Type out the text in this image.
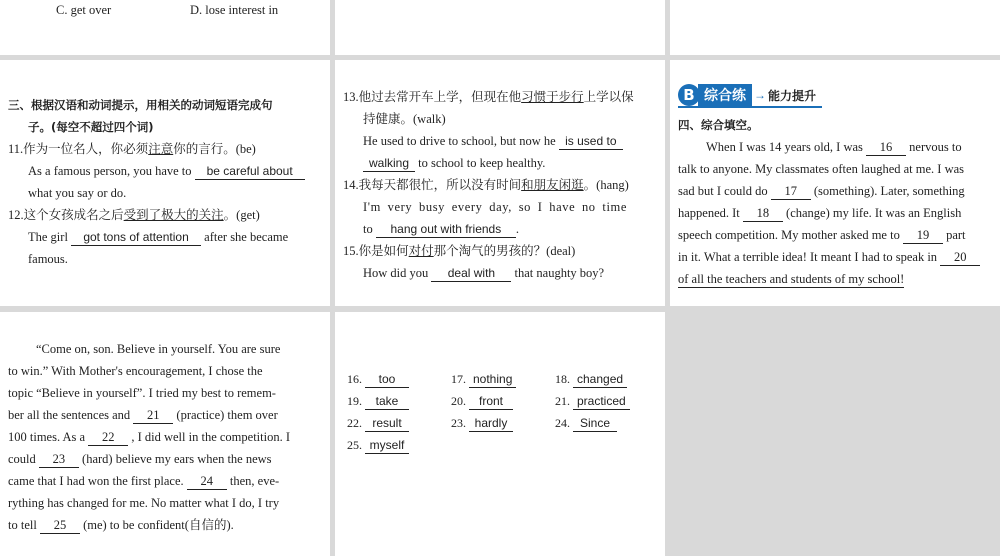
C. get over	D. lose interest in
三、根据汉语和动词提示，用相关的动词短语完成句
子。(每空不超过四个词)
11.作为一位名人，你必须注意你的言行。(be)
As a famous person, you have to be careful about
what you say or do.
12.这个女孩成名之后受到了极大的关注。(get)
The girl got tons of attention after she became
famous.
13.他过去常开车上学，但现在他习惯于步行上学以保
持健康。(walk)
He used to drive to school, but now he is used to
walking to school to keep healthy.
14.我每天都很忙，所以没有时间和朋友闲逛。(hang)
I'm very busy every day, so I have no time
to hang out with friends .
15.你是如何对付那个淘气的男孩的？(deal)
How did you deal with that naughty boy?
B 综合练 → 能力提升
四、综合填空。
When I was 14 years old, I was 16 nervous to
talk to anyone. My classmates often laughed at me. I was
sad but I could do 17 (something). Later, something
happened. It 18 (change) my life. It was an English
speech competition. My mother asked me to 19 part
in it. What a terrible idea! It meant I had to speak in 20
of all the teachers and students of my school!
“Come on, son. Believe in yourself. You are sure
to win.” With Mother's encouragement, I chose the
topic “Believe in yourself”. I tried my best to remem-
ber all the sentences and 21 (practice) them over
100 times. As a 22 , I did well in the competition. I
could 23 (hard) believe my ears when the news
came that I had won the first place. 24 then, eve-
rything has changed for me. No matter what I do, I try
to tell 25 (me) to be confident(自信的).
16. too	17. nothing	18. changed
19. take	20. front	21. practiced
22. result	23. hardly	24. Since
25. myself
